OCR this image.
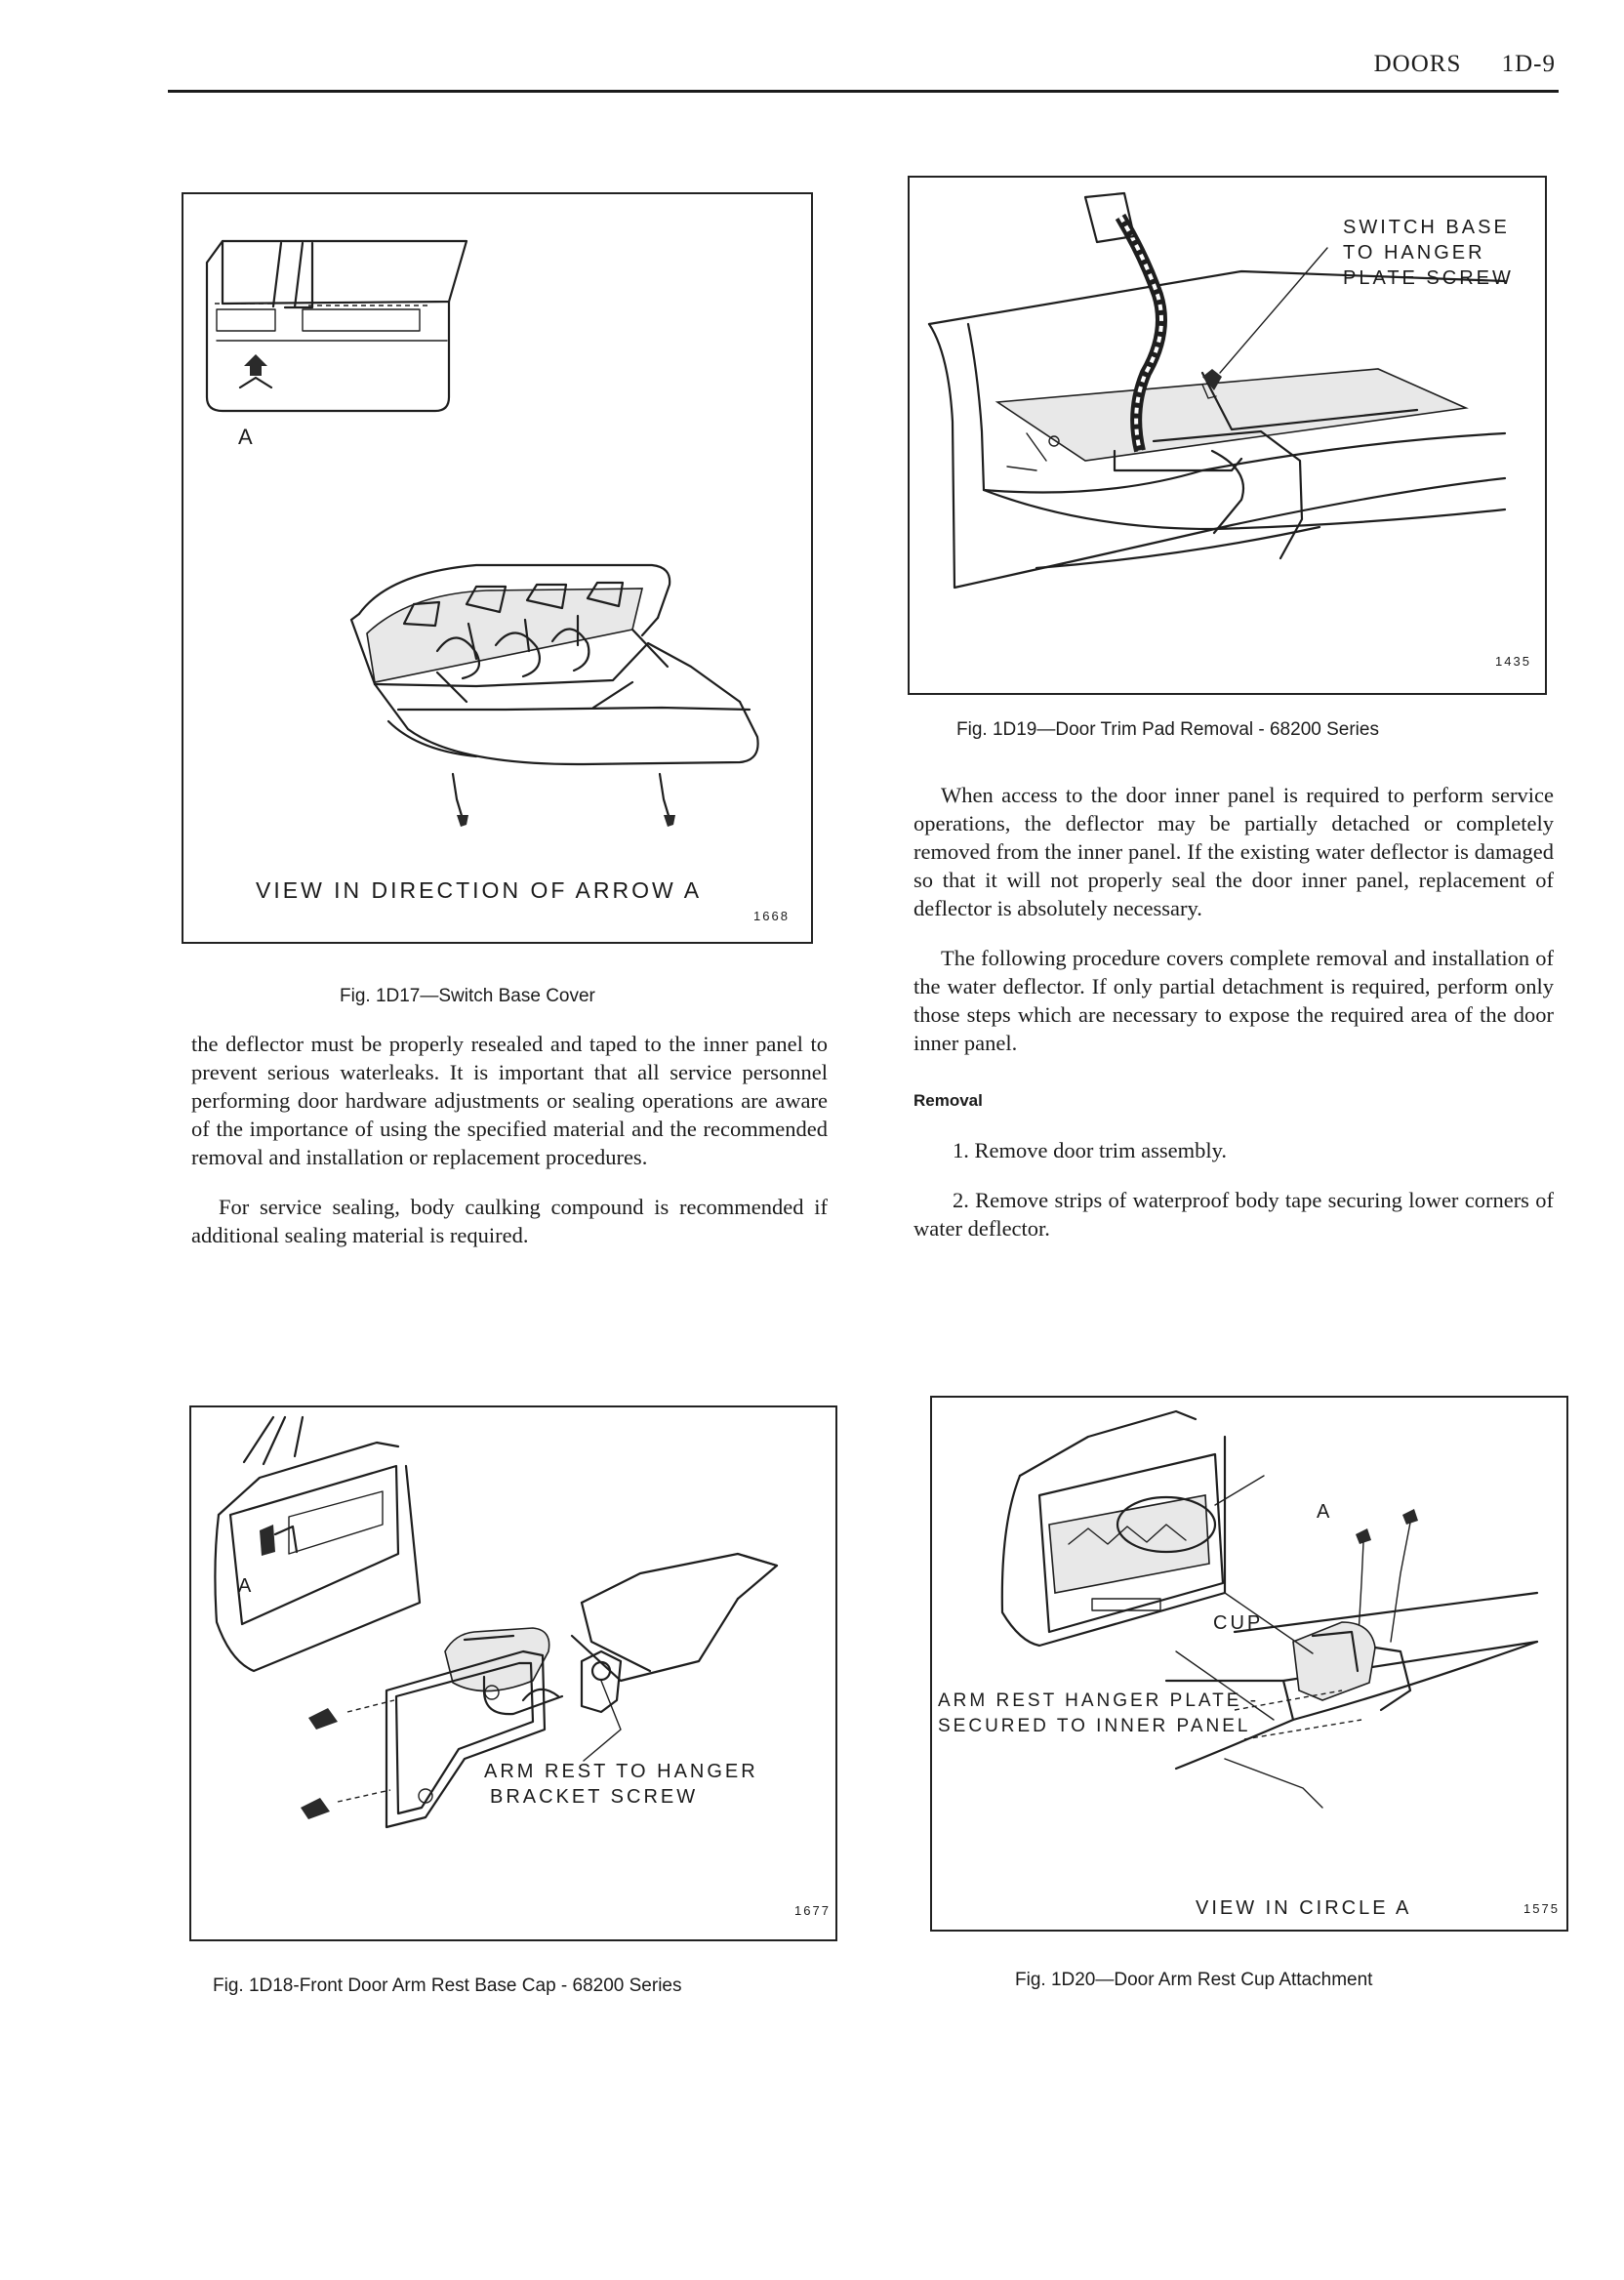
DOORS 1D-9
A
VIEW IN DIRECTION OF ARROW A
1668
Fig. 1D17—Switch Base Cover
SWITCH BASE
TO HANGER
PLATE SCREW
1435
Fig. 1D19—Door Trim Pad Removal - 68200 Series

When access to the door inner panel is required to perform service operations, the deflector may be partially detached or completely removed from the inner panel. If the existing water deflector is damaged so that it will not properly seal the door inner panel, replacement of deflector is absolutely necessary.

The following procedure covers complete removal and installation of the water deflector. If only partial detachment is required, perform only those steps which are necessary to expose the required area of the door inner panel.

Removal
1. Remove door trim assembly.
2. Remove strips of waterproof body tape securing lower corners of water deflector.

the deflector must be properly resealed and taped to the inner panel to prevent serious waterleaks. It is important that all service personnel performing door hardware adjustments or sealing operations are aware of the importance of using the specified material and the recommended removal and installation or replacement procedures.

For service sealing, body caulking compound is recommended if additional sealing material is required.

A
ARM REST TO HANGER
BRACKET SCREW
1677
Fig. 1D18-Front Door Arm Rest Base Cap - 68200 Series
A
CUP
ARM REST HANGER PLATE -
SECURED TO INNER PANEL
VIEW IN CIRCLE A	1575
Fig. 1D20—Door Arm Rest Cup Attachment
